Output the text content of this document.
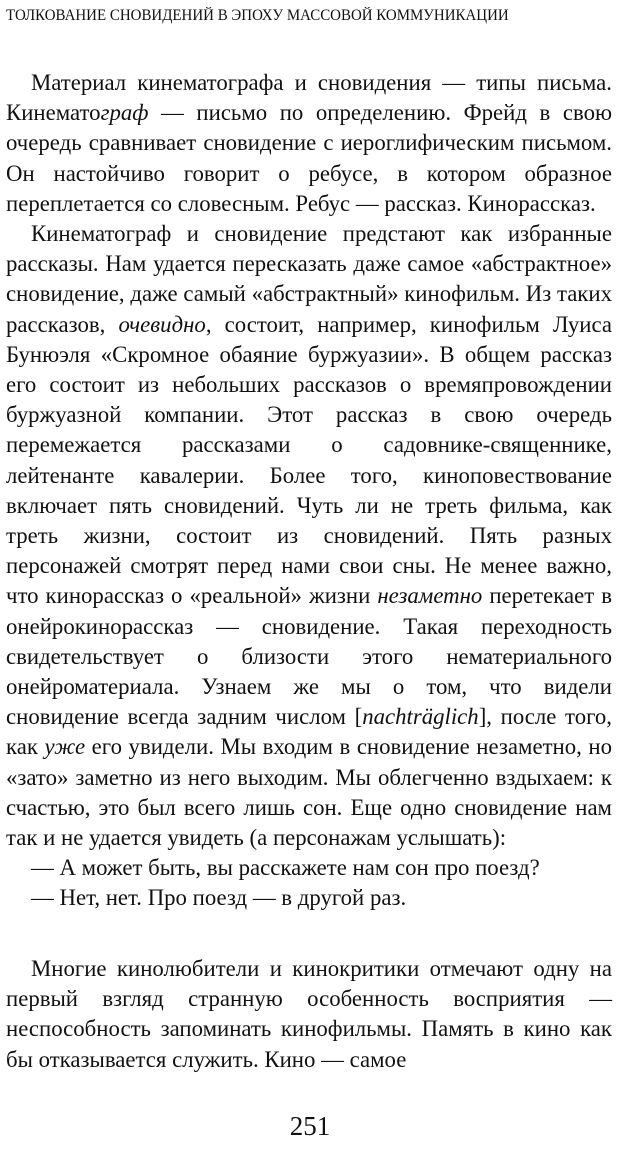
ТОЛКОВАНИЕ СНОВИДЕНИЙ В ЭПОХУ МАССОВОЙ КОММУНИКАЦИИ

Материал кинематографа и сновидения — типы письма. Кинематограф — письмо по определению. Фрейд в свою очередь сравнивает сновидение с иероглифическим письмом. Он настойчиво говорит о ребусе, в котором образное переплетается со словесным. Ребус — рассказ. Кинорассказ.

Кинематограф и сновидение предстают как избранные рассказы. Нам удается пересказать даже самое «абстрактное» сновидение, даже самый «абстрактный» кинофильм. Из таких рассказов, очевидно, состоит, например, кинофильм Луиса Бунюэля «Скромное обаяние буржуазии». В общем рассказ его состоит из небольших рассказов о времяпровождении буржуазной компании. Этот рассказ в свою очередь перемежается рассказами о садовнике-священнике, лейтенанте кавалерии. Более того, киноповествование включает пять сновидений. Чуть ли не треть фильма, как треть жизни, состоит из сновидений. Пять разных персонажей смотрят перед нами свои сны. Не менее важно, что кинорассказ о «реальной» жизни незаметно перетекает в онейрокинорассказ — сновидение. Такая переходность свидетельствует о близости этого нематериального онейроматериала. Узнаем же мы о том, что видели сновидение всегда задним числом [nachträglich], после того, как уже его увидели. Мы входим в сновидение незаметно, но «зато» заметно из него выходим. Мы облегченно вздыхаем: к счастью, это был всего лишь сон. Еще одно сновидение нам так и не удается увидеть (а персонажам услышать):

— А может быть, вы расскажете нам сон про поезд?

— Нет, нет. Про поезд — в другой раз.

Многие кинолюбители и кинокритики отмечают одну на первый взгляд странную особенность восприятия — неспособность запоминать кинофильмы. Память в кино как бы отказывается служить. Кино — самое

251
